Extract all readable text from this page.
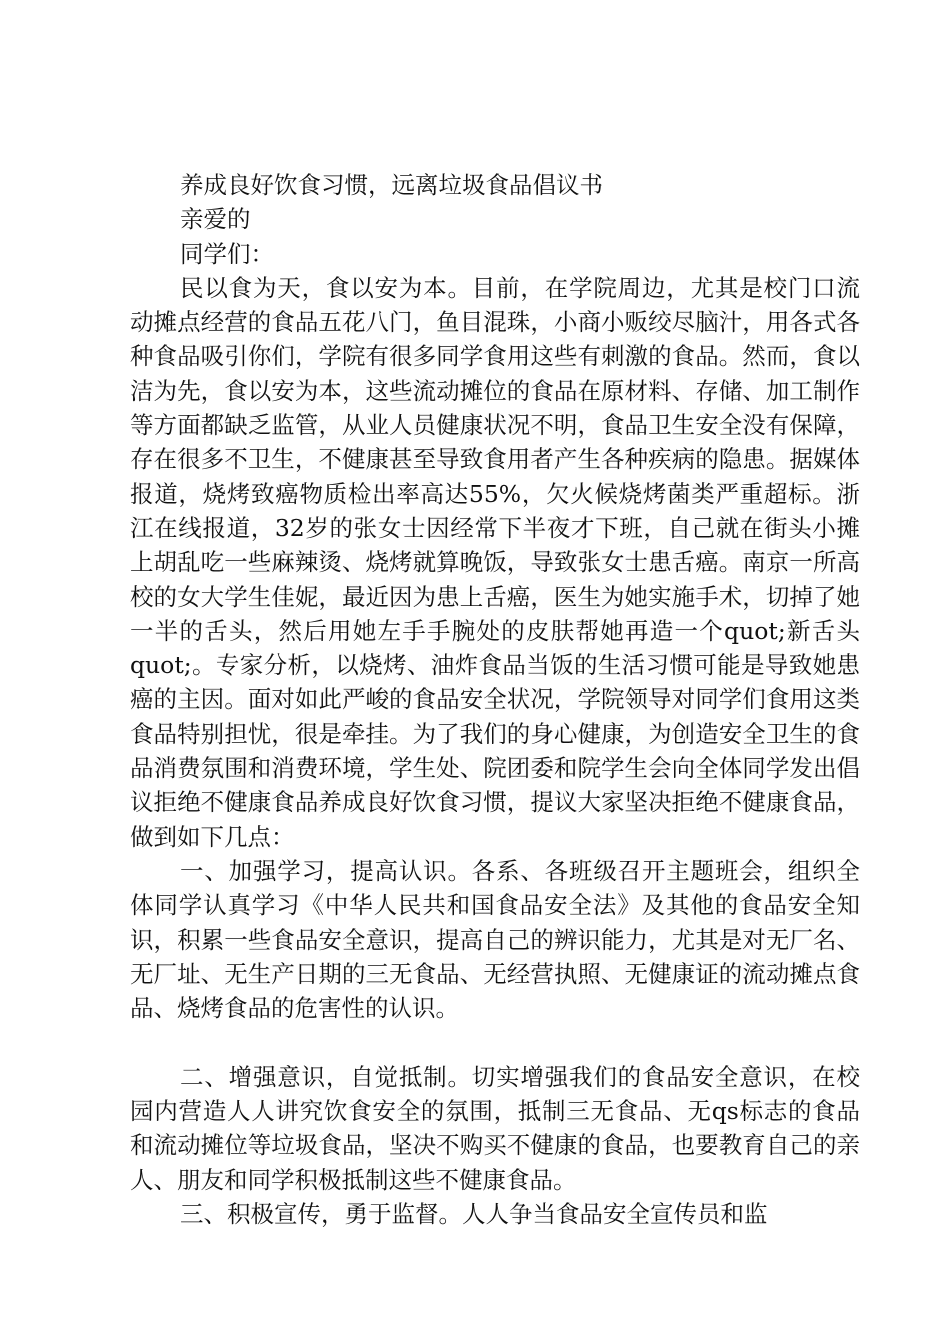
养成良好饮食习惯，远离垃圾食品倡议书

亲爱的

同学们：

民以食为天，食以安为本。目前，在学院周边，尤其是校门口流动摊点经营的食品五花八门，鱼目混珠，小商小贩绞尽脑汁，用各式各种食品吸引你们，学院有很多同学食用这些有刺激的食品。然而，食以洁为先，食以安为本，这些流动摊位的食品在原材料、存储、加工制作等方面都缺乏监管，从业人员健康状况不明，食品卫生安全没有保障，存在很多不卫生，不健康甚至导致食用者产生各种疾病的隐患。据媒体报道，烧烤致癌物质检出率高达55%，欠火候烧烤菌类严重超标。浙江在线报道，32岁的张女士因经常下半夜才下班，自己就在街头小摊上胡乱吃一些麻辣烫、烧烤就算晚饭，导致张女士患舌癌。南京一所高校的女大学生佳妮，最近因为患上舌癌，医生为她实施手术，切掉了她一半的舌头，然后用她左手手腕处的皮肤帮她再造一个quot;新舌头quot;。专家分析，以烧烤、油炸食品当饭的生活习惯可能是导致她患癌的主因。面对如此严峻的食品安全状况，学院领导对同学们食用这类食品特别担忧，很是牵挂。为了我们的身心健康，为创造安全卫生的食品消费氛围和消费环境，学生处、院团委和院学生会向全体同学发出倡议拒绝不健康食品养成良好饮食习惯，提议大家坚决拒绝不健康食品，做到如下几点：

一、加强学习，提高认识。各系、各班级召开主题班会，组织全体同学认真学习《中华人民共和国食品安全法》及其他的食品安全知识，积累一些食品安全意识，提高自己的辨识能力，尤其是对无厂名、无厂址、无生产日期的三无食品、无经营执照、无健康证的流动摊点食品、烧烤食品的危害性的认识。

二、增强意识，自觉抵制。切实增强我们的食品安全意识，在校园内营造人人讲究饮食安全的氛围，抵制三无食品、无qs标志的食品和流动摊位等垃圾食品，坚决不购买不健康的食品，也要教育自己的亲人、朋友和同学积极抵制这些不健康食品。

三、积极宣传，勇于监督。人人争当食品安全宣传员和监
